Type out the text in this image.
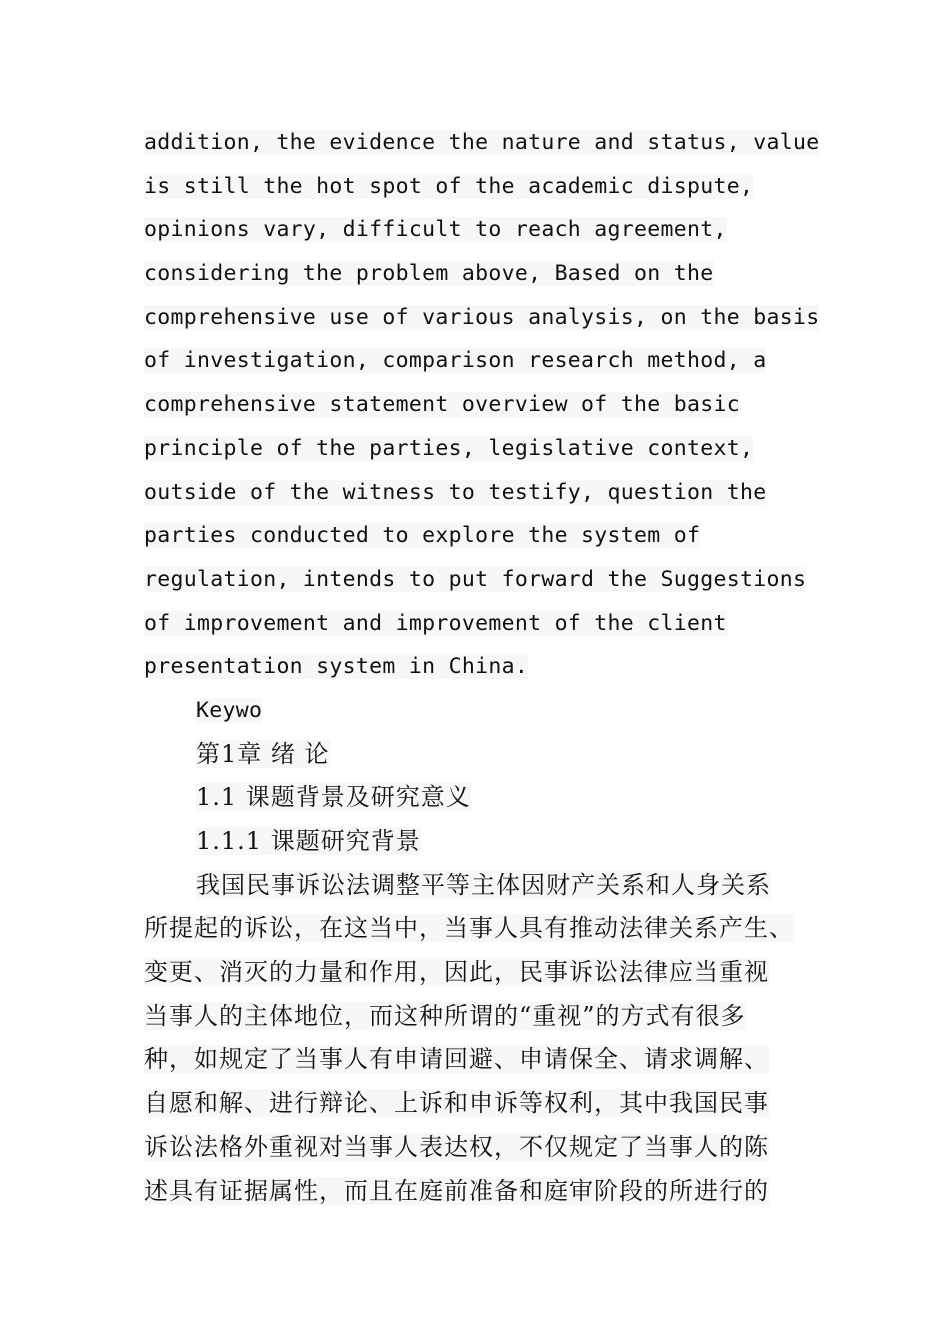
addition, the evidence the nature and status, value
is still the hot spot of the academic dispute,
opinions vary, difficult to reach agreement,
considering the problem above, Based on the
comprehensive use of various analysis, on the basis
of investigation, comparison research method, a
comprehensive statement overview of the basic
principle of the parties, legislative context,
outside of the witness to testify, question the
parties conducted to explore the system of
regulation, intends to put forward the Suggestions
of improvement and improvement of the client
presentation system in China.
Keywo
第1章 绪 论
1.1 课题背景及研究意义
1.1.1 课题研究背景
我国民事诉讼法调整平等主体因财产关系和人身关系
所提起的诉讼，在这当中，当事人具有推动法律关系产生、
变更、消灭的力量和作用，因此，民事诉讼法律应当重视
当事人的主体地位，而这种所谓的“重视”的方式有很多
种，如规定了当事人有申请回避、申请保全、请求调解、
自愿和解、进行辩论、上诉和申诉等权利，其中我国民事
诉讼法格外重视对当事人表达权，不仅规定了当事人的陈
述具有证据属性，而且在庭前准备和庭审阶段的所进行的
